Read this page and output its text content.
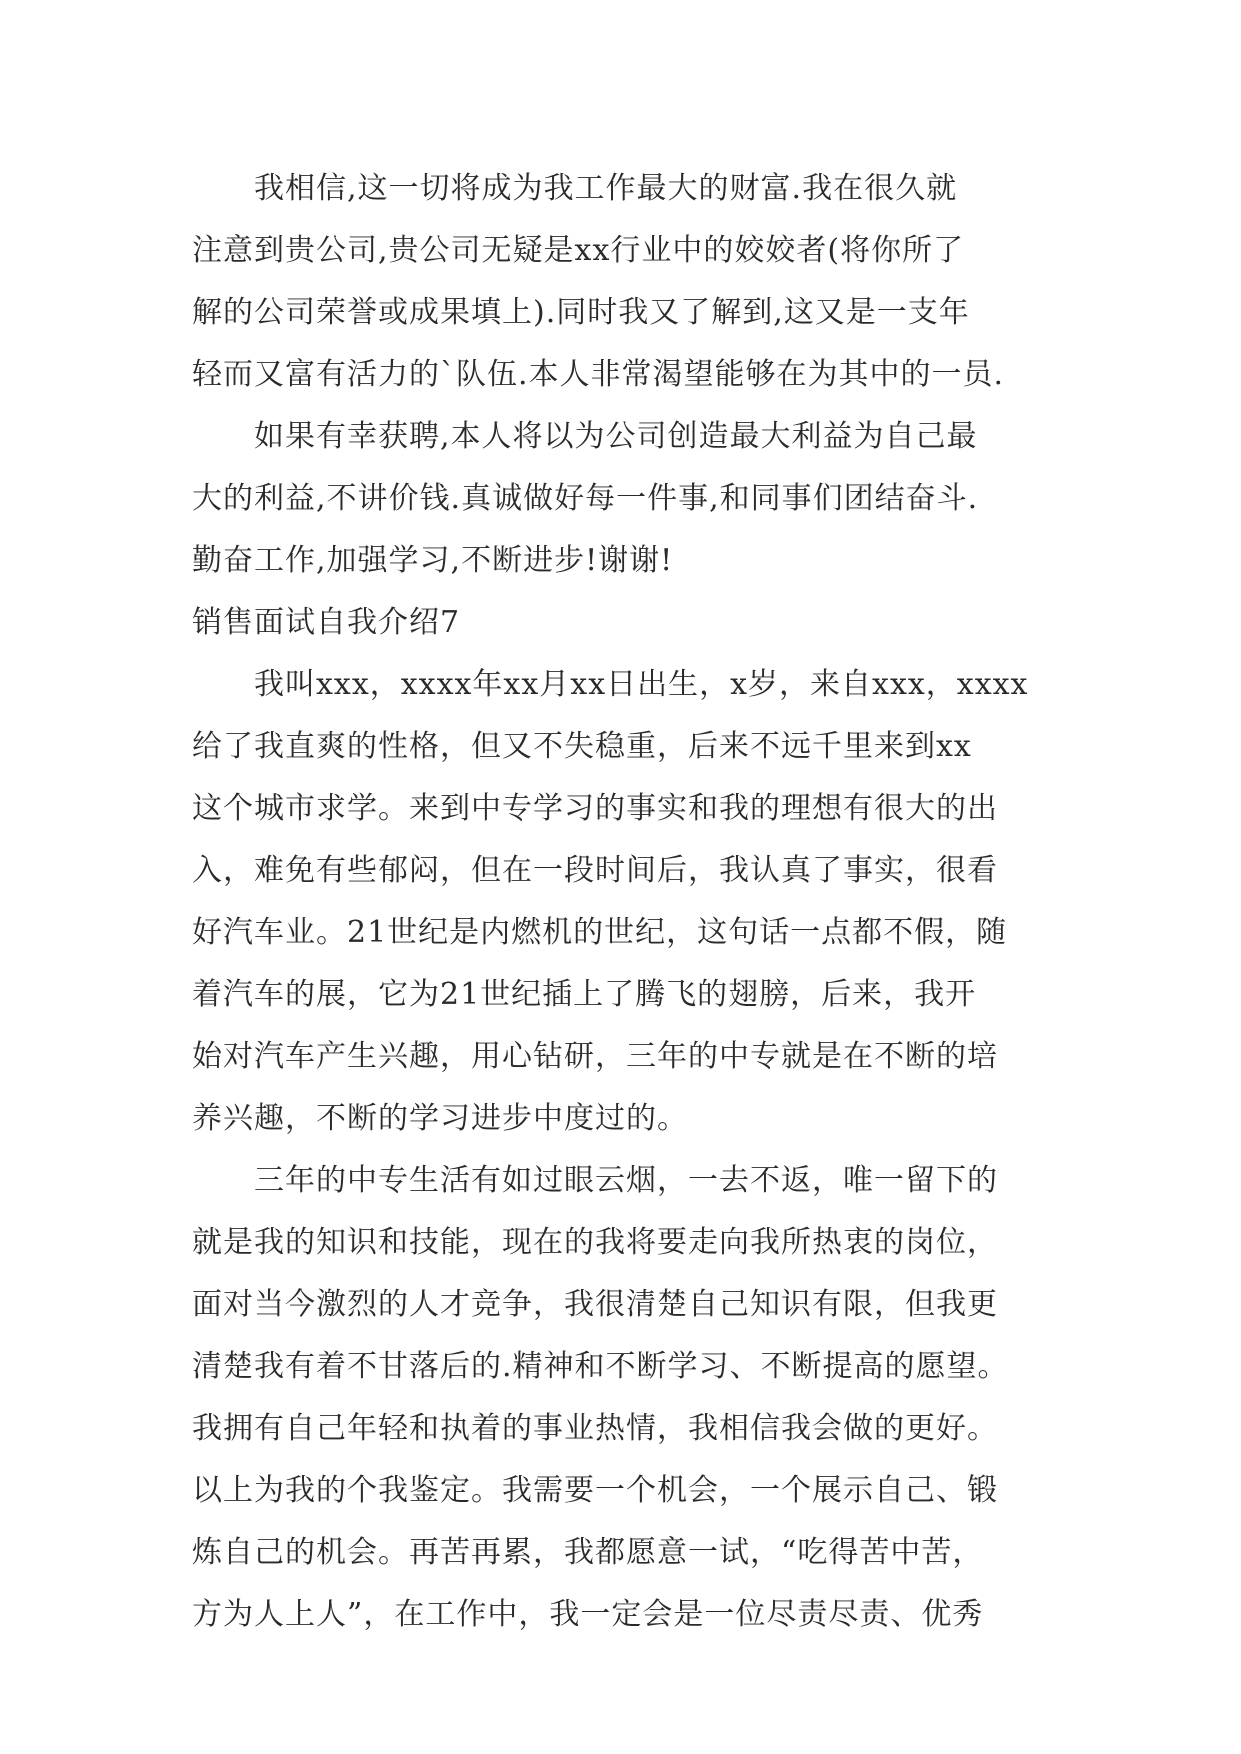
我相信,这一切将成为我工作最大的财富.我在很久就
注意到贵公司,贵公司无疑是xx行业中的姣姣者(将你所了
解的公司荣誉或成果填上).同时我又了解到,这又是一支年
轻而又富有活力的`队伍.本人非常渴望能够在为其中的一员.
如果有幸获聘,本人将以为公司创造最大利益为自己最
大的利益,不讲价钱.真诚做好每一件事,和同事们团结奋斗.
勤奋工作,加强学习,不断进步!谢谢!
销售面试自我介绍7
我叫xxx，xxxx年xx月xx日出生，x岁，来自xxx，xxxx
给了我直爽的性格，但又不失稳重，后来不远千里来到xx
这个城市求学。来到中专学习的事实和我的理想有很大的出
入，难免有些郁闷，但在一段时间后，我认真了事实，很看
好汽车业。21世纪是内燃机的世纪，这句话一点都不假，随
着汽车的展，它为21世纪插上了腾飞的翅膀，后来，我开
始对汽车产生兴趣，用心钻研，三年的中专就是在不断的培
养兴趣，不断的学习进步中度过的。
三年的中专生活有如过眼云烟，一去不返，唯一留下的
就是我的知识和技能，现在的我将要走向我所热衷的岗位，
面对当今激烈的人才竞争，我很清楚自己知识有限，但我更
清楚我有着不甘落后的.精神和不断学习、不断提高的愿望。
我拥有自己年轻和执着的事业热情，我相信我会做的更好。
以上为我的个我鉴定。我需要一个机会，一个展示自己、锻
炼自己的机会。再苦再累，我都愿意一试，“吃得苦中苦，
方为人上人”，在工作中，我一定会是一位尽责尽责、优秀
